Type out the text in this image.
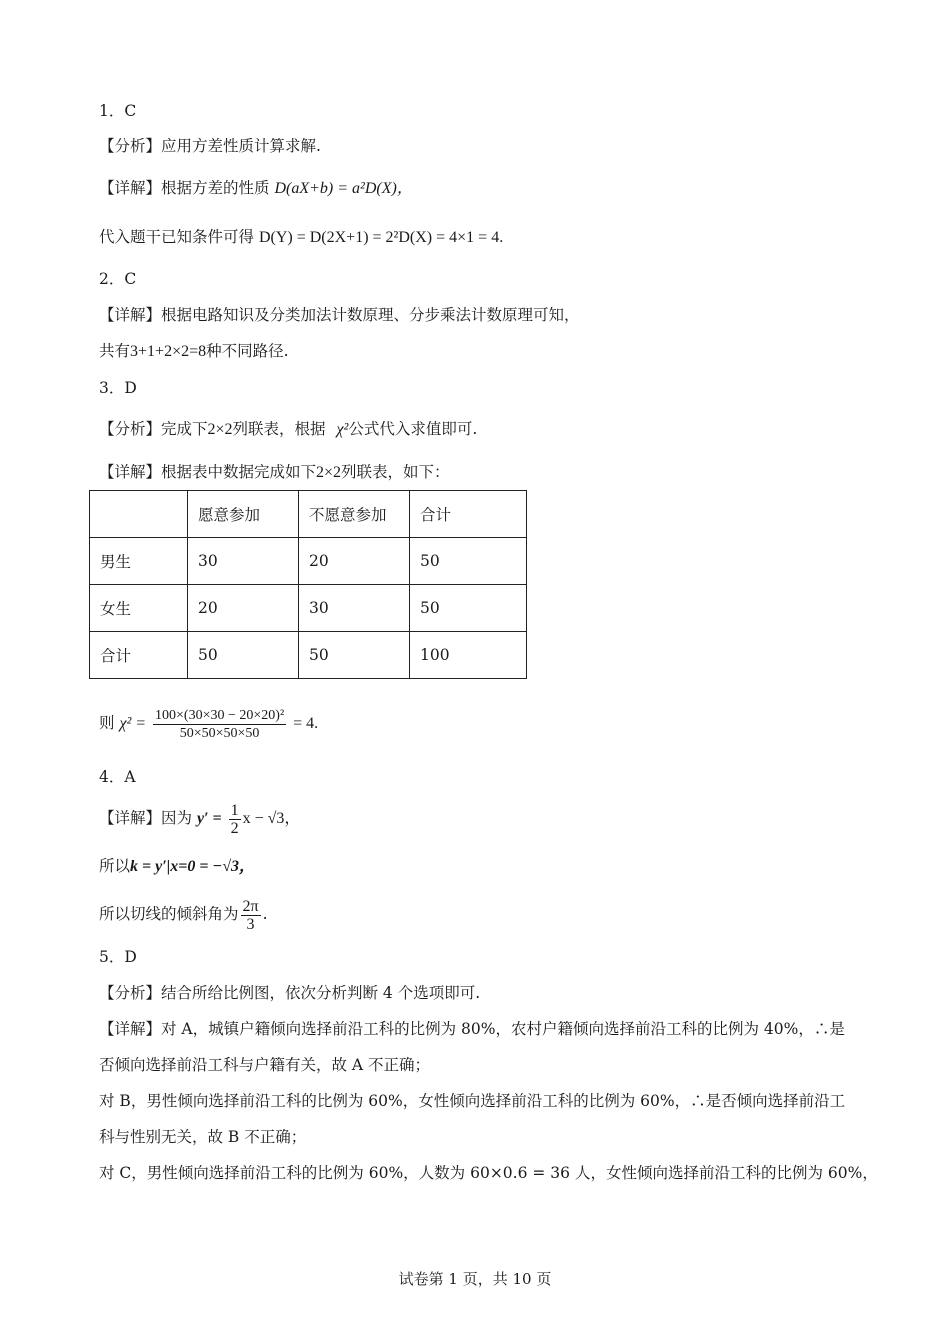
1．C
【分析】应用方差性质计算求解.
【详解】根据方差的性质 D(aX+b) = a²D(X)，
代入题干已知条件可得 D(Y) = D(2X+1) = 2²D(X) = 4×1 = 4.
2．C
【详解】根据电路知识及分类加法计数原理、分步乘法计数原理可知，
共有3+1+2×2=8种不同路径.
3．D
【分析】完成下2×2列联表，根据 χ²公式代入求值即可.
【详解】根据表中数据完成如下2×2列联表，如下：
	愿意参加	不愿意参加	合计
男生	30	20	50
女生	20	30	50
合计	50	50	100
则 $\chi^2 = \frac{\text{100×(30×30 − 20×20)²}}{50\times 50\times 50\times 50} = 4$.
4．A
【详解】因为 $y' = \frac{1}{2}$ x − √3，
所以k = y′|x=0 = −√3，
所以切线的倾斜角为 $\frac{2\pi}{3}$ .
5．D
【分析】结合所给比例图，依次分析判断 4 个选项即可.
【详解】对 A，城镇户籍倾向选择前沿工科的比例为 80%，农村户籍倾向选择前沿工科的比例为 40%，∴是
否倾向选择前沿工科与户籍有关，故 A 不正确；
对 B，男性倾向选择前沿工科的比例为 60%，女性倾向选择前沿工科的比例为 60%，∴是否倾向选择前沿工
科与性别无关，故 B 不正确；
对 C，男性倾向选择前沿工科的比例为 60%，人数为 60×0.6 = 36 人，女性倾向选择前沿工科的比例为 60%，
试卷第 1 页，共 10 页
